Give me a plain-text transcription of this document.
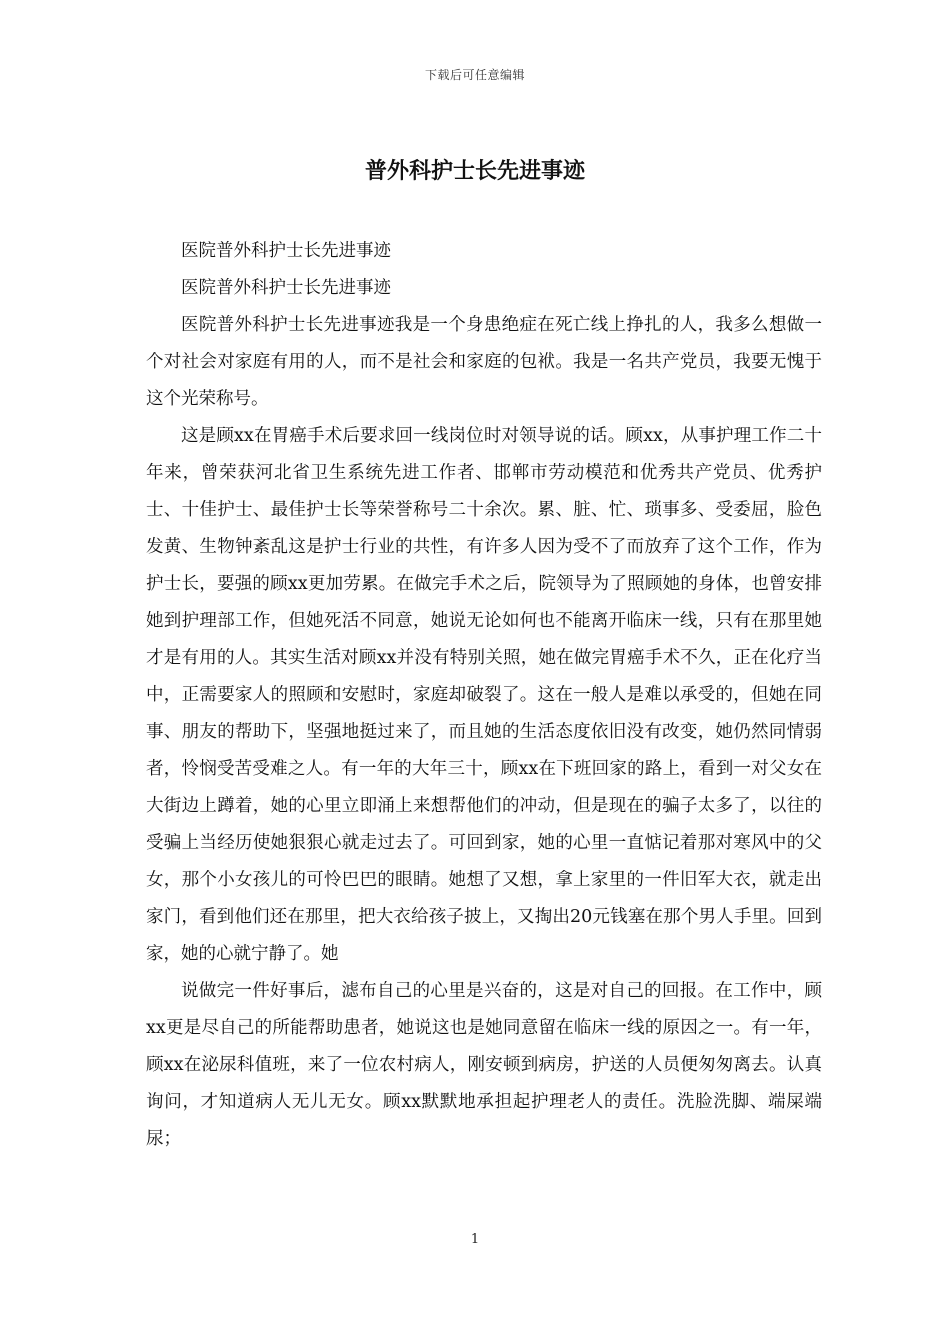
下载后可任意编辑
普外科护士长先进事迹

医院普外科护士长先进事迹

医院普外科护士长先进事迹

医院普外科护士长先进事迹我是一个身患绝症在死亡线上挣扎的人，我多么想做一个对社会对家庭有用的人，而不是社会和家庭的包袱。我是一名共产党员，我要无愧于这个光荣称号。

这是顾xx在胃癌手术后要求回一线岗位时对领导说的话。顾xx，从事护理工作二十年来，曾荣获河北省卫生系统先进工作者、邯郸市劳动模范和优秀共产党员、优秀护士、十佳护士、最佳护士长等荣誉称号二十余次。累、脏、忙、琐事多、受委屈，脸色发黄、生物钟紊乱这是护士行业的共性，有许多人因为受不了而放弃了这个工作，作为护士长，要强的顾xx更加劳累。在做完手术之后，院领导为了照顾她的身体，也曾安排她到护理部工作，但她死活不同意，她说无论如何也不能离开临床一线，只有在那里她才是有用的人。其实生活对顾xx并没有特别关照，她在做完胃癌手术不久，正在化疗当中，正需要家人的照顾和安慰时，家庭却破裂了。这在一般人是难以承受的，但她在同事、朋友的帮助下，坚强地挺过来了，而且她的生活态度依旧没有改变，她仍然同情弱者，怜悯受苦受难之人。有一年的大年三十，顾xx在下班回家的路上，看到一对父女在大街边上蹲着，她的心里立即涌上来想帮他们的冲动，但是现在的骗子太多了，以往的受骗上当经历使她狠狠心就走过去了。可回到家，她的心里一直惦记着那对寒风中的父女，那个小女孩儿的可怜巴巴的眼睛。她想了又想，拿上家里的一件旧军大衣，就走出家门，看到他们还在那里，把大衣给孩子披上，又掏出20元钱塞在那个男人手里。回到家，她的心就宁静了。她

说做完一件好事后，滤布自己的心里是兴奋的，这是对自己的回报。在工作中，顾xx更是尽自己的所能帮助患者，她说这也是她同意留在临床一线的原因之一。有一年，顾xx在泌尿科值班，来了一位农村病人，刚安顿到病房，护送的人员便匆匆离去。认真询问，才知道病人无儿无女。顾xx默默地承担起护理老人的责任。洗脸洗脚、端屎端尿；

1
